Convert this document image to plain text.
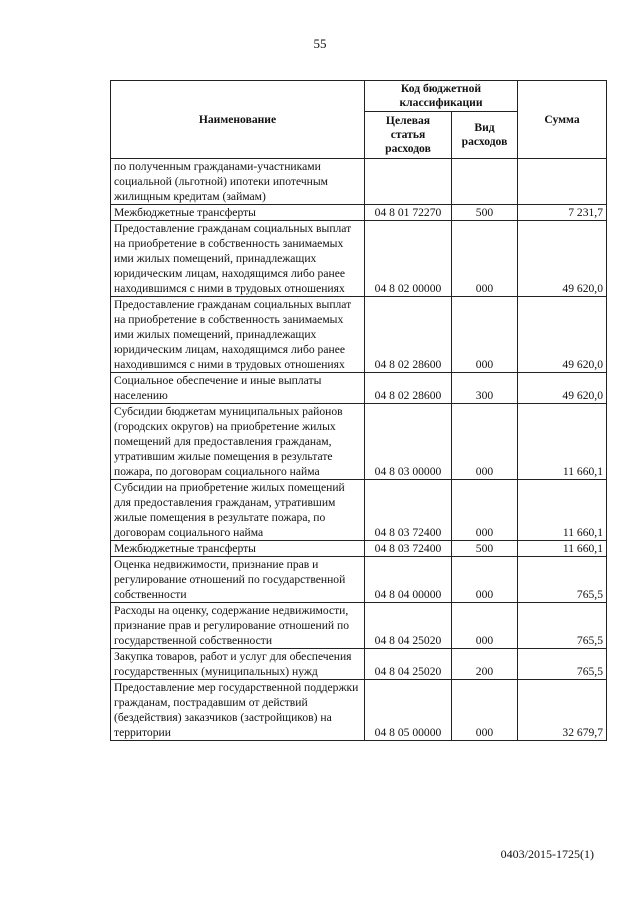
55
Наименование	Код бюджетной классификации		Сумма
	Целевая статья расходов	Вид расходов	
по полученным гражданами-участниками социальной (льготной) ипотеки ипотечным жилищным кредитам (займам)			
Межбюджетные трансферты	04 8 01 72270	500	7 231,7
Предоставление гражданам социальных выплат на приобретение в собственность занимаемых ими жилых помещений, принадлежащих юридическим лицам, находящимся либо ранее находившимся с ними в трудовых отношениях	04 8 02 00000	000	49 620,0
Предоставление гражданам социальных выплат на приобретение в собственность занимаемых ими жилых помещений, принадлежащих юридическим лицам, находящимся либо ранее находившимся с ними в трудовых отношениях	04 8 02 28600	000	49 620,0
Социальное обеспечение и иные выплаты населению	04 8 02 28600	300	49 620,0
Субсидии бюджетам муниципальных районов (городских округов) на приобретение жилых помещений для предоставления гражданам, утратившим жилые помещения в результате пожара, по договорам социального найма	04 8 03 00000	000	11 660,1
Субсидии на приобретение жилых помещений для предоставления гражданам, утратившим жилые помещения в результате пожара, по договорам социального найма	04 8 03 72400	000	11 660,1
Межбюджетные трансферты	04 8 03 72400	500	11 660,1
Оценка недвижимости, признание прав и регулирование отношений по государственной собственности	04 8 04 00000	000	765,5
Расходы на оценку, содержание недвижимости, признание прав и регулирование отношений по государственной собственности	04 8 04 25020	000	765,5
Закупка товаров, работ и услуг для обеспечения государственных (муниципальных) нужд	04 8 04 25020	200	765,5
Предоставление мер государственной поддержки гражданам, пострадавшим от действий (бездействия) заказчиков (застройщиков) на территории	04 8 05 00000	000	32 679,7
0403/2015-1725(1)
